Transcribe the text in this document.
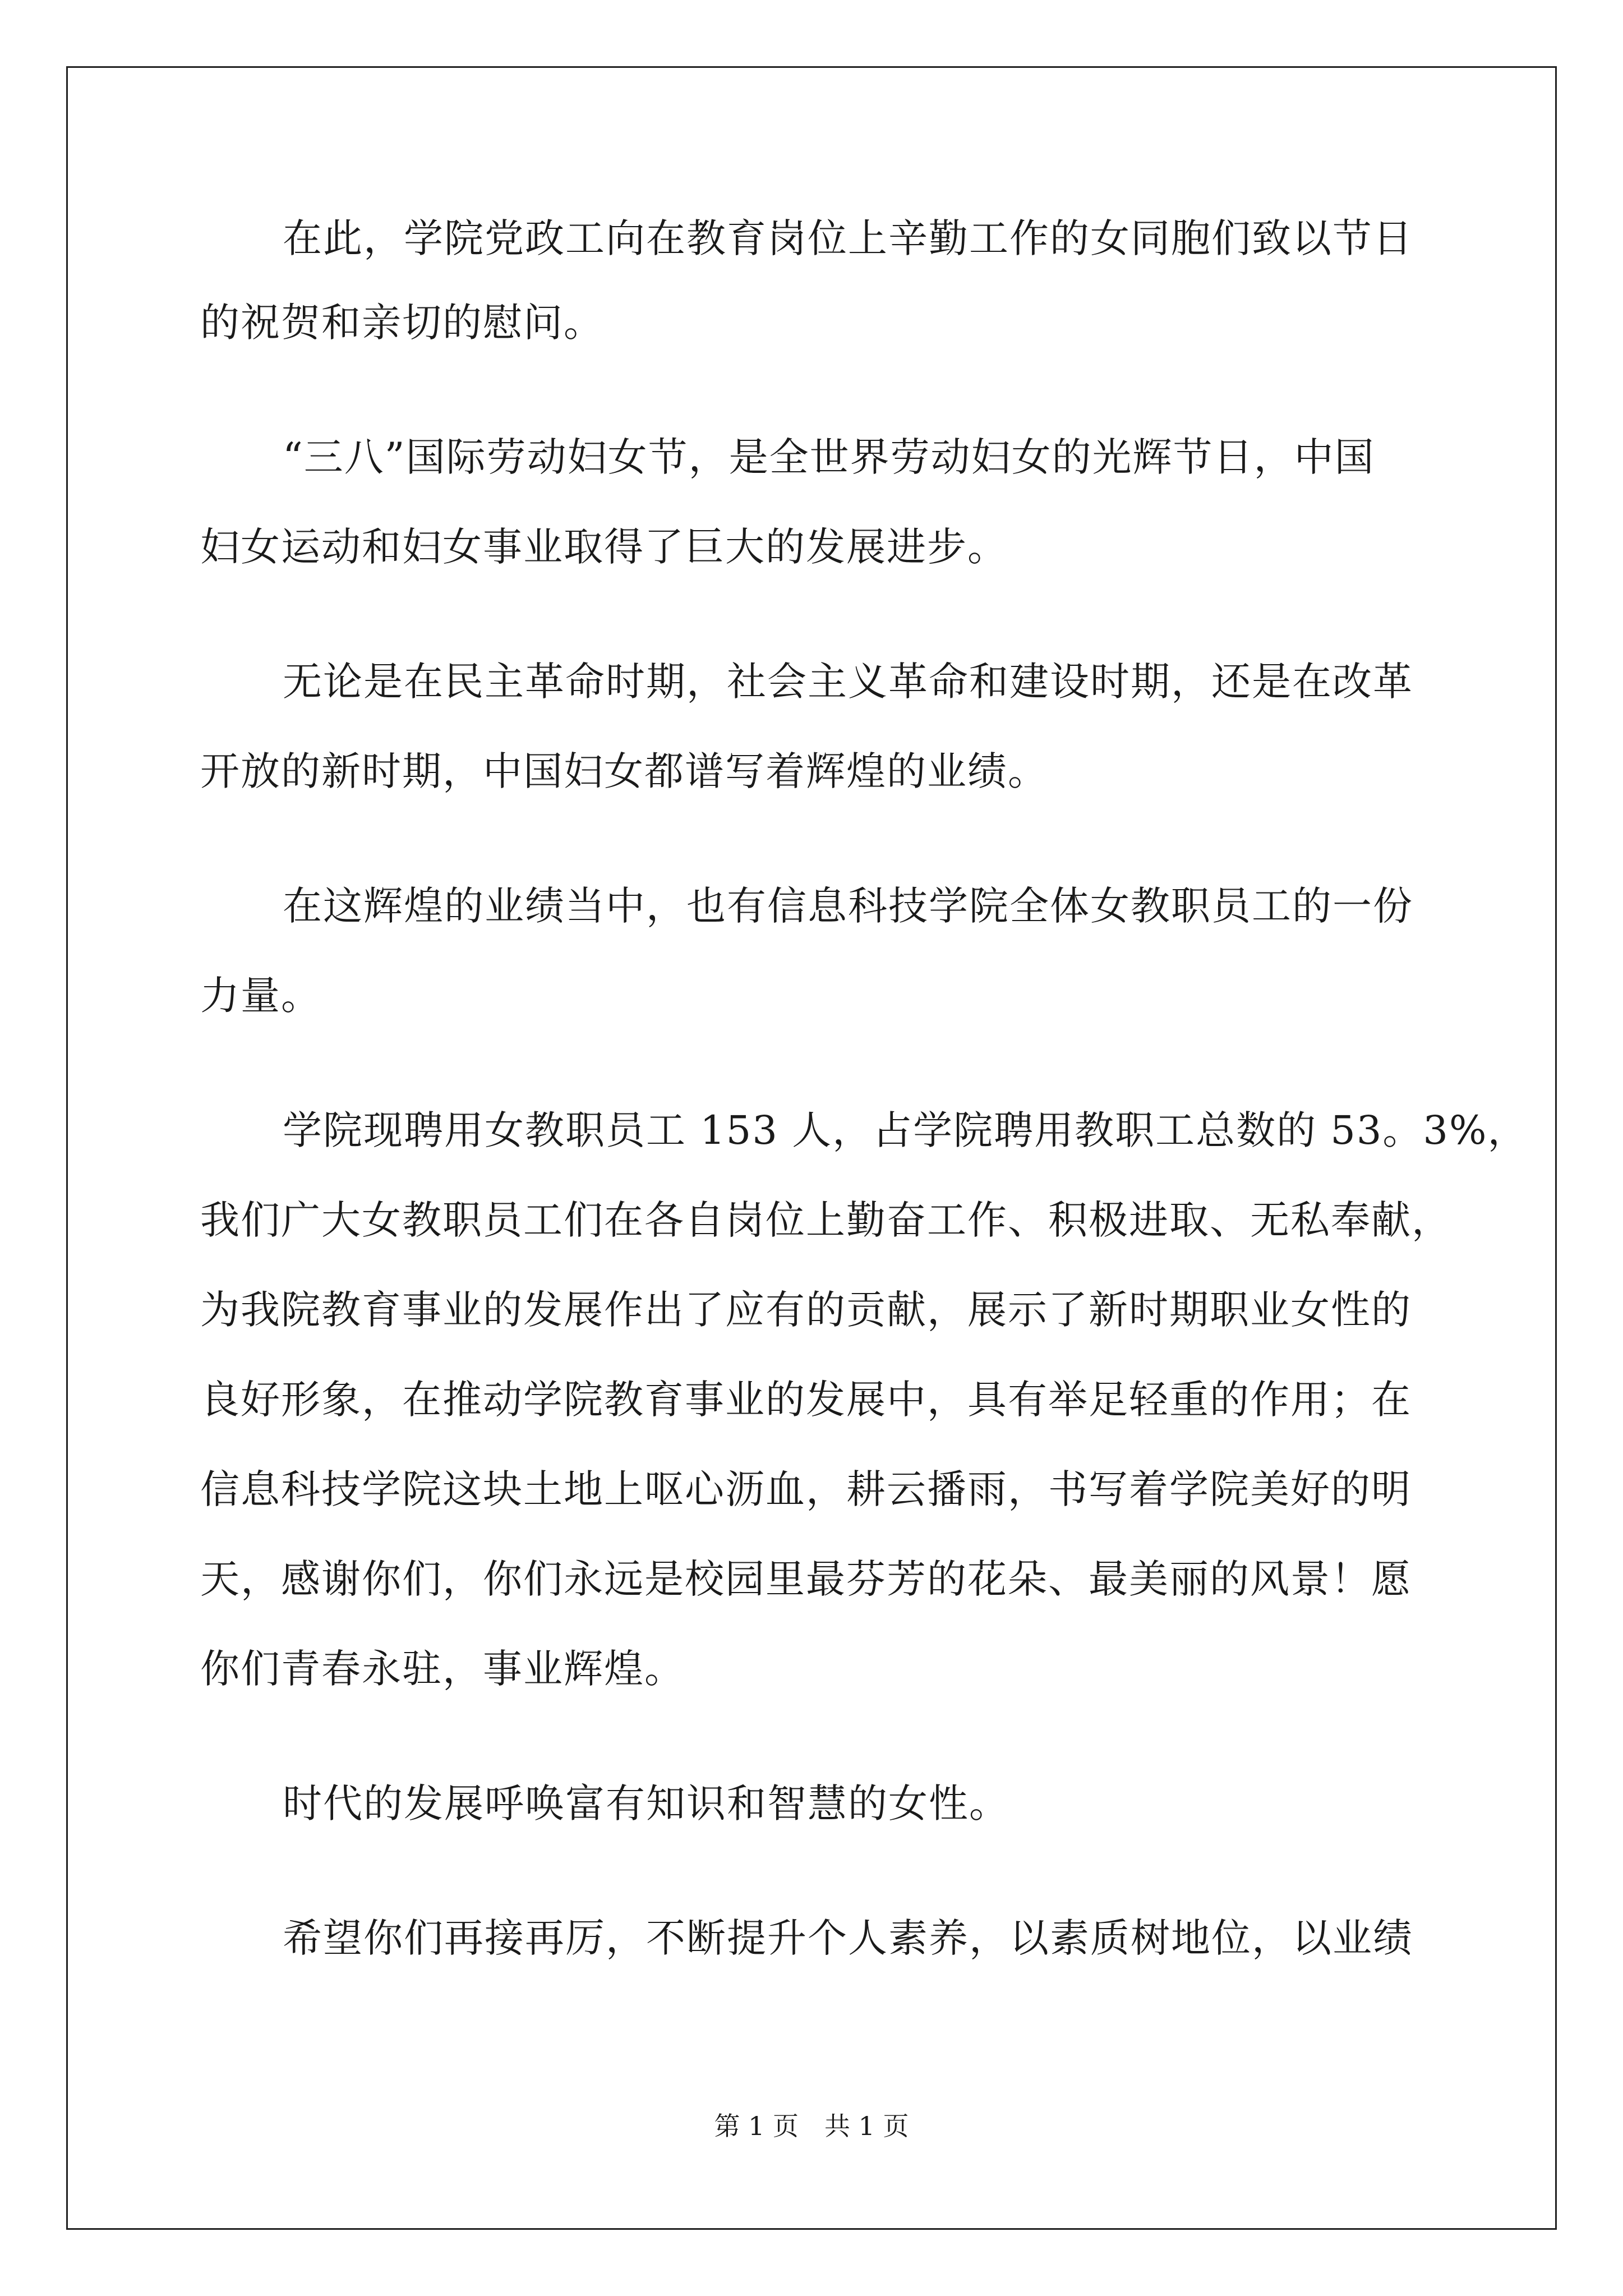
在此，学院党政工向在教育岗位上辛勤工作的女同胞们致以节日
的祝贺和亲切的慰问。
“三八”国际劳动妇女节，是全世界劳动妇女的光辉节日，中国
妇女运动和妇女事业取得了巨大的发展进步。
无论是在民主革命时期，社会主义革命和建设时期，还是在改革
开放的新时期，中国妇女都谱写着辉煌的业绩。
在这辉煌的业绩当中，也有信息科技学院全体女教职员工的一份
力量。
学院现聘用女教职员工 153 人，占学院聘用教职工总数的 53。3%，
我们广大女教职员工们在各自岗位上勤奋工作、积极进取、无私奉献，
为我院教育事业的发展作出了应有的贡献，展示了新时期职业女性的
良好形象，在推动学院教育事业的发展中，具有举足轻重的作用；在
信息科技学院这块土地上呕心沥血，耕云播雨，书写着学院美好的明
天，感谢你们，你们永远是校园里最芬芳的花朵、最美丽的风景！愿
你们青春永驻，事业辉煌。
时代的发展呼唤富有知识和智慧的女性。
希望你们再接再厉，不断提升个人素养，以素质树地位，以业绩
第 1 页　共 1 页
